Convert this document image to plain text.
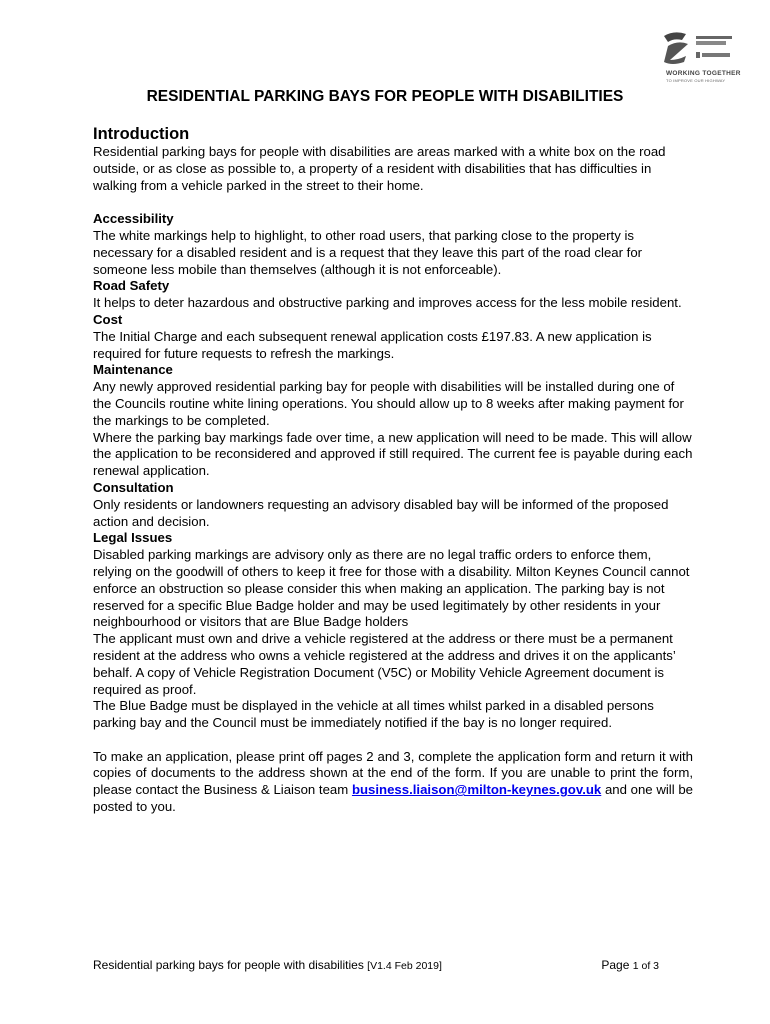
WORKING TOGETHER
TO IMPROVE OUR HIGHWAY
RESIDENTIAL PARKING BAYS FOR PEOPLE WITH DISABILITIES

Introduction

Residential parking bays for people with disabilities are areas marked with a white box on the road outside, or as close as possible to, a property of a resident with disabilities that has difficulties in walking from a vehicle parked in the street to their home.

Accessibility

The white markings help to highlight, to other road users, that parking close to the property is necessary for a disabled resident and is a request that they leave this part of the road clear for someone less mobile than themselves (although it is not enforceable).

Road Safety

It helps to deter hazardous and obstructive parking and improves access for the less mobile resident.

Cost

The Initial Charge and each subsequent renewal application costs £197.83. A new application is required for future requests to refresh the markings.

Maintenance

Any newly approved residential parking bay for people with disabilities will be installed during one of the Councils routine white lining operations. You should allow up to 8 weeks after making payment for the markings to be completed.

Where the parking bay markings fade over time, a new application will need to be made. This will allow the application to be reconsidered and approved if still required. The current fee is payable during each renewal application.

Consultation

Only residents or landowners requesting an advisory disabled bay will be informed of the proposed action and decision.

Legal Issues

Disabled parking markings are advisory only as there are no legal traffic orders to enforce them, relying on the goodwill of others to keep it free for those with a disability. Milton Keynes Council cannot enforce an obstruction so please consider this when making an application. The parking bay is not reserved for a specific Blue Badge holder and may be used legitimately by other residents in your neighbourhood or visitors that are Blue Badge holders

The applicant must own and drive a vehicle registered at the address or there must be a permanent resident at the address who owns a vehicle registered at the address and drives it on the applicants’ behalf. A copy of Vehicle Registration Document (V5C) or Mobility Vehicle Agreement document is required as proof.

The Blue Badge must be displayed in the vehicle at all times whilst parked in a disabled persons parking bay and the Council must be immediately notified if the bay is no longer required.

To make an application, please print off pages 2 and 3, complete the application form and return it with copies of documents to the address shown at the end of the form. If you are unable to print the form, please contact the Business & Liaison team business.liaison@milton-keynes.gov.uk and one will be posted to you.

Residential parking bays for people with disabilities [V1.4 Feb 2019]	Page 1 of 3
